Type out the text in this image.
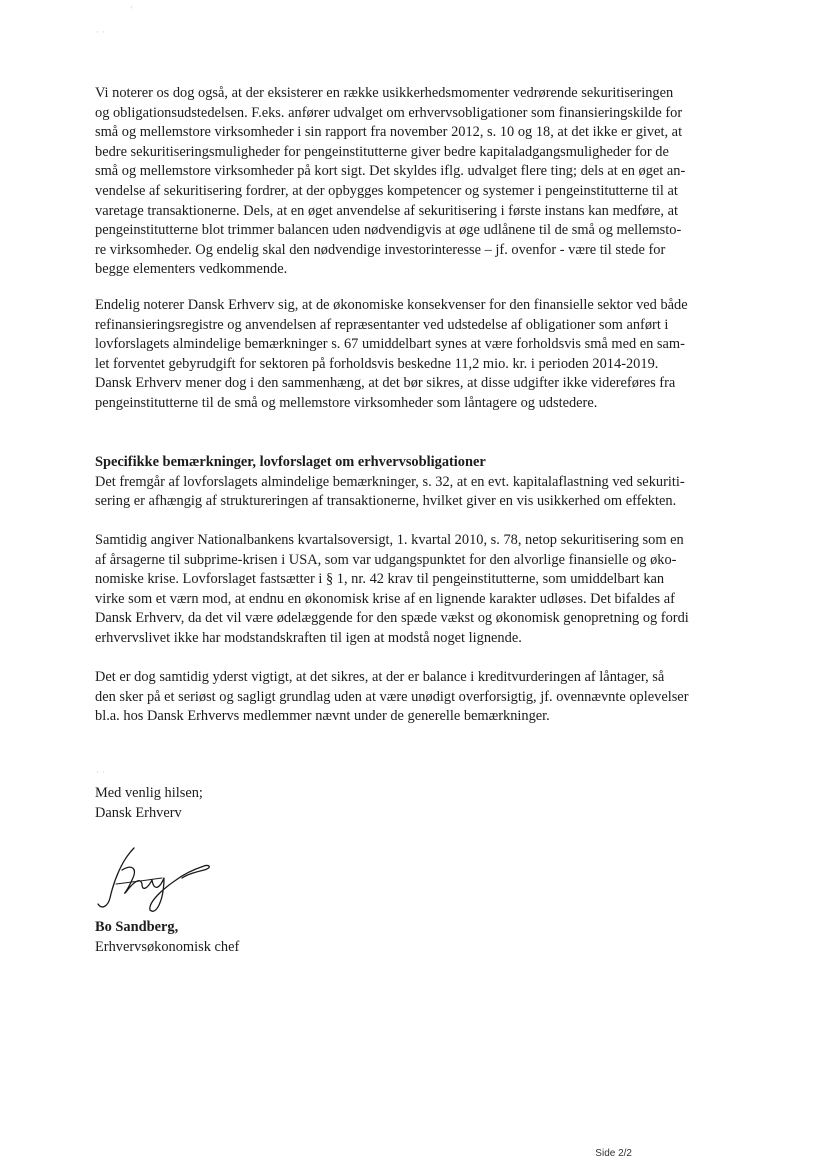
· ·
ˈ

Vi noterer os dog også, at der eksisterer en række usikkerhedsmomenter vedrørende sekuritiseringen
og obligationsudstedelsen. F.eks. anfører udvalget om erhvervsobligationer som finansieringskilde for
små og mellemstore virksomheder i sin rapport fra november 2012, s. 10 og 18, at det ikke er givet, at
bedre sekuritiseringsmuligheder for pengeinstitutterne giver bedre kapitaladgangsmuligheder for de
små og mellemstore virksomheder på kort sigt. Det skyldes iflg. udvalget flere ting; dels at en øget an-
vendelse af sekuritisering fordrer, at der opbygges kompetencer og systemer i pengeinstitutterne til at
varetage transaktionerne. Dels, at en øget anvendelse af sekuritisering i første instans kan medføre, at
pengeinstitutterne blot trimmer balancen uden nødvendigvis at øge udlånene til de små og mellemsto-
re virksomheder. Og endelig skal den nødvendige investorinteresse – jf. ovenfor - være til stede for
begge elementers vedkommende.

Endelig noterer Dansk Erhverv sig, at de økonomiske konsekvenser for den finansielle sektor ved både
refinansieringsregistre og anvendelsen af repræsentanter ved udstedelse af obligationer som anført i
lovforslagets almindelige bemærkninger s. 67 umiddelbart synes at være forholdsvis små med en sam-
let forventet gebyrudgift for sektoren på forholdsvis beskedne 11,2 mio. kr. i perioden 2014-2019.
Dansk Erhverv mener dog i den sammenhæng, at det bør sikres, at disse udgifter ikke videreføres fra
pengeinstitutterne til de små og mellemstore virksomheder som låntagere og udstedere.

Specifikke bemærkninger, lovforslaget om erhvervsobligationer
Det fremgår af lovforslagets almindelige bemærkninger, s. 32, at en evt. kapitalaflastning ved sekuriti-
sering er afhængig af struktureringen af transaktionerne, hvilket giver en vis usikkerhed om effekten.

Samtidig angiver Nationalbankens kvartalsoversigt, 1. kvartal 2010, s. 78, netop sekuritisering som en
af årsagerne til subprime-krisen i USA, som var udgangspunktet for den alvorlige finansielle og øko-
nomiske krise. Lovforslaget fastsætter i § 1, nr. 42 krav til pengeinstitutterne, som umiddelbart kan
virke som et værn mod, at endnu en økonomisk krise af en lignende karakter udløses. Det bifaldes af
Dansk Erhverv, da det vil være ødelæggende for den spæde vækst og økonomisk genopretning og fordi
erhvervslivet ikke har modstandskraften til igen at modstå noget lignende.

Det er dog samtidig yderst vigtigt, at det sikres, at der er balance i kreditvurderingen af låntager, så
den sker på et seriøst og sagligt grundlag uden at være unødigt overforsigtig, jf. ovennævnte oplevelser
bl.a. hos Dansk Erhvervs medlemmer nævnt under de generelle bemærkninger.

· ·
Med venlig hilsen;
Dansk Erhverv
Bo Sandberg,
Erhvervsøkonomisk chef
Side 2/2
